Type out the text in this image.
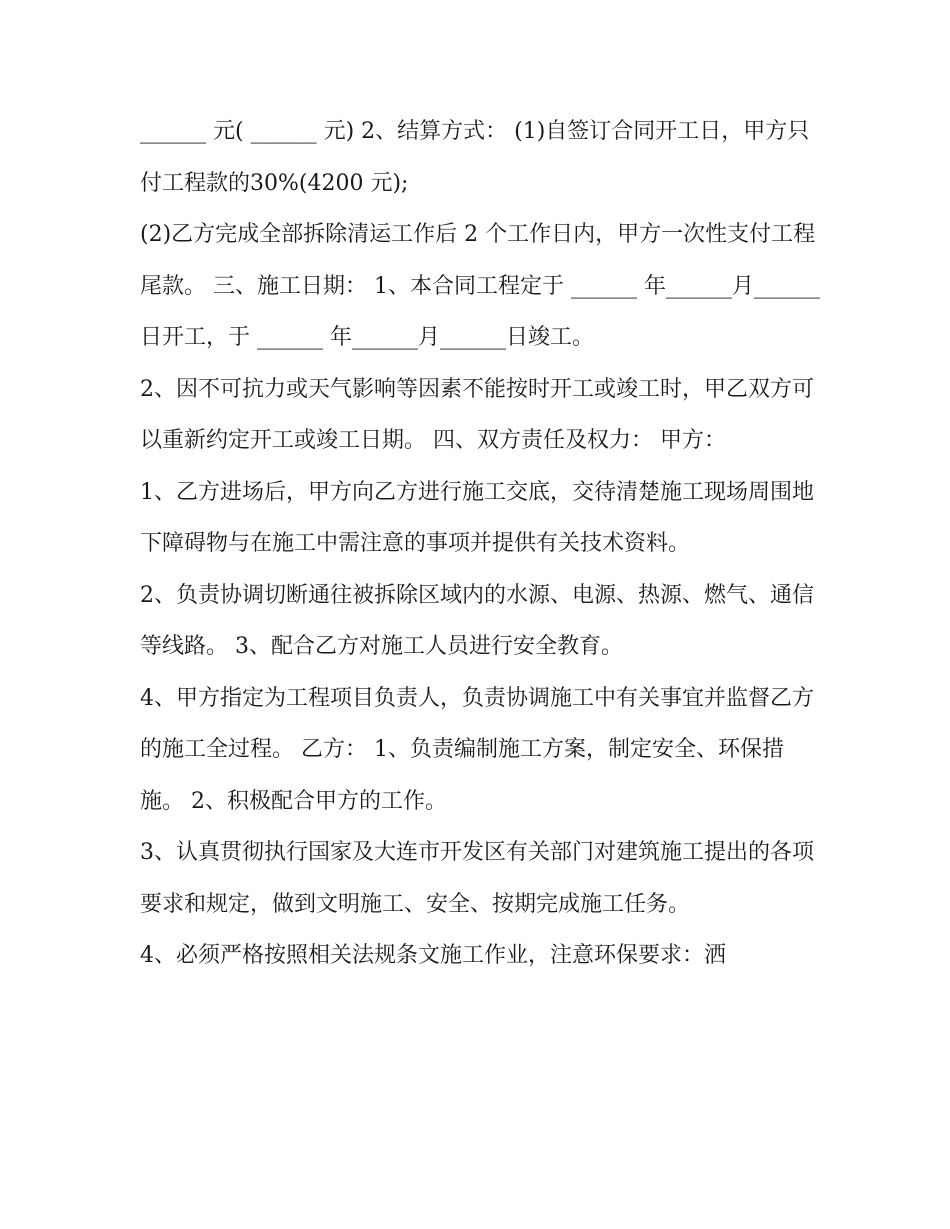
______ 元( ______ 元) 2、结算方式： (1)自签订合同开工日，甲方只付工程款的30%(4200 元);

(2)乙方完成全部拆除清运工作后 2 个工作日内，甲方一次性支付工程尾款。 三、施工日期： 1、本合同工程定于 ______ 年______月______日开工，于 ______ 年______月______日竣工。

2、因不可抗力或天气影响等因素不能按时开工或竣工时，甲乙双方可以重新约定开工或竣工日期。 四、双方责任及权力： 甲方：

1、乙方进场后，甲方向乙方进行施工交底，交待清楚施工现场周围地下障碍物与在施工中需注意的事项并提供有关技术资料。

2、负责协调切断通往被拆除区域内的水源、电源、热源、燃气、通信等线路。 3、配合乙方对施工人员进行安全教育。

4、甲方指定为工程项目负责人，负责协调施工中有关事宜并监督乙方的施工全过程。 乙方： 1、负责编制施工方案，制定安全、环保措施。 2、积极配合甲方的工作。

3、认真贯彻执行国家及大连市开发区有关部门对建筑施工提出的各项要求和规定，做到文明施工、安全、按期完成施工任务。

4、必须严格按照相关法规条文施工作业，注意环保要求：洒
